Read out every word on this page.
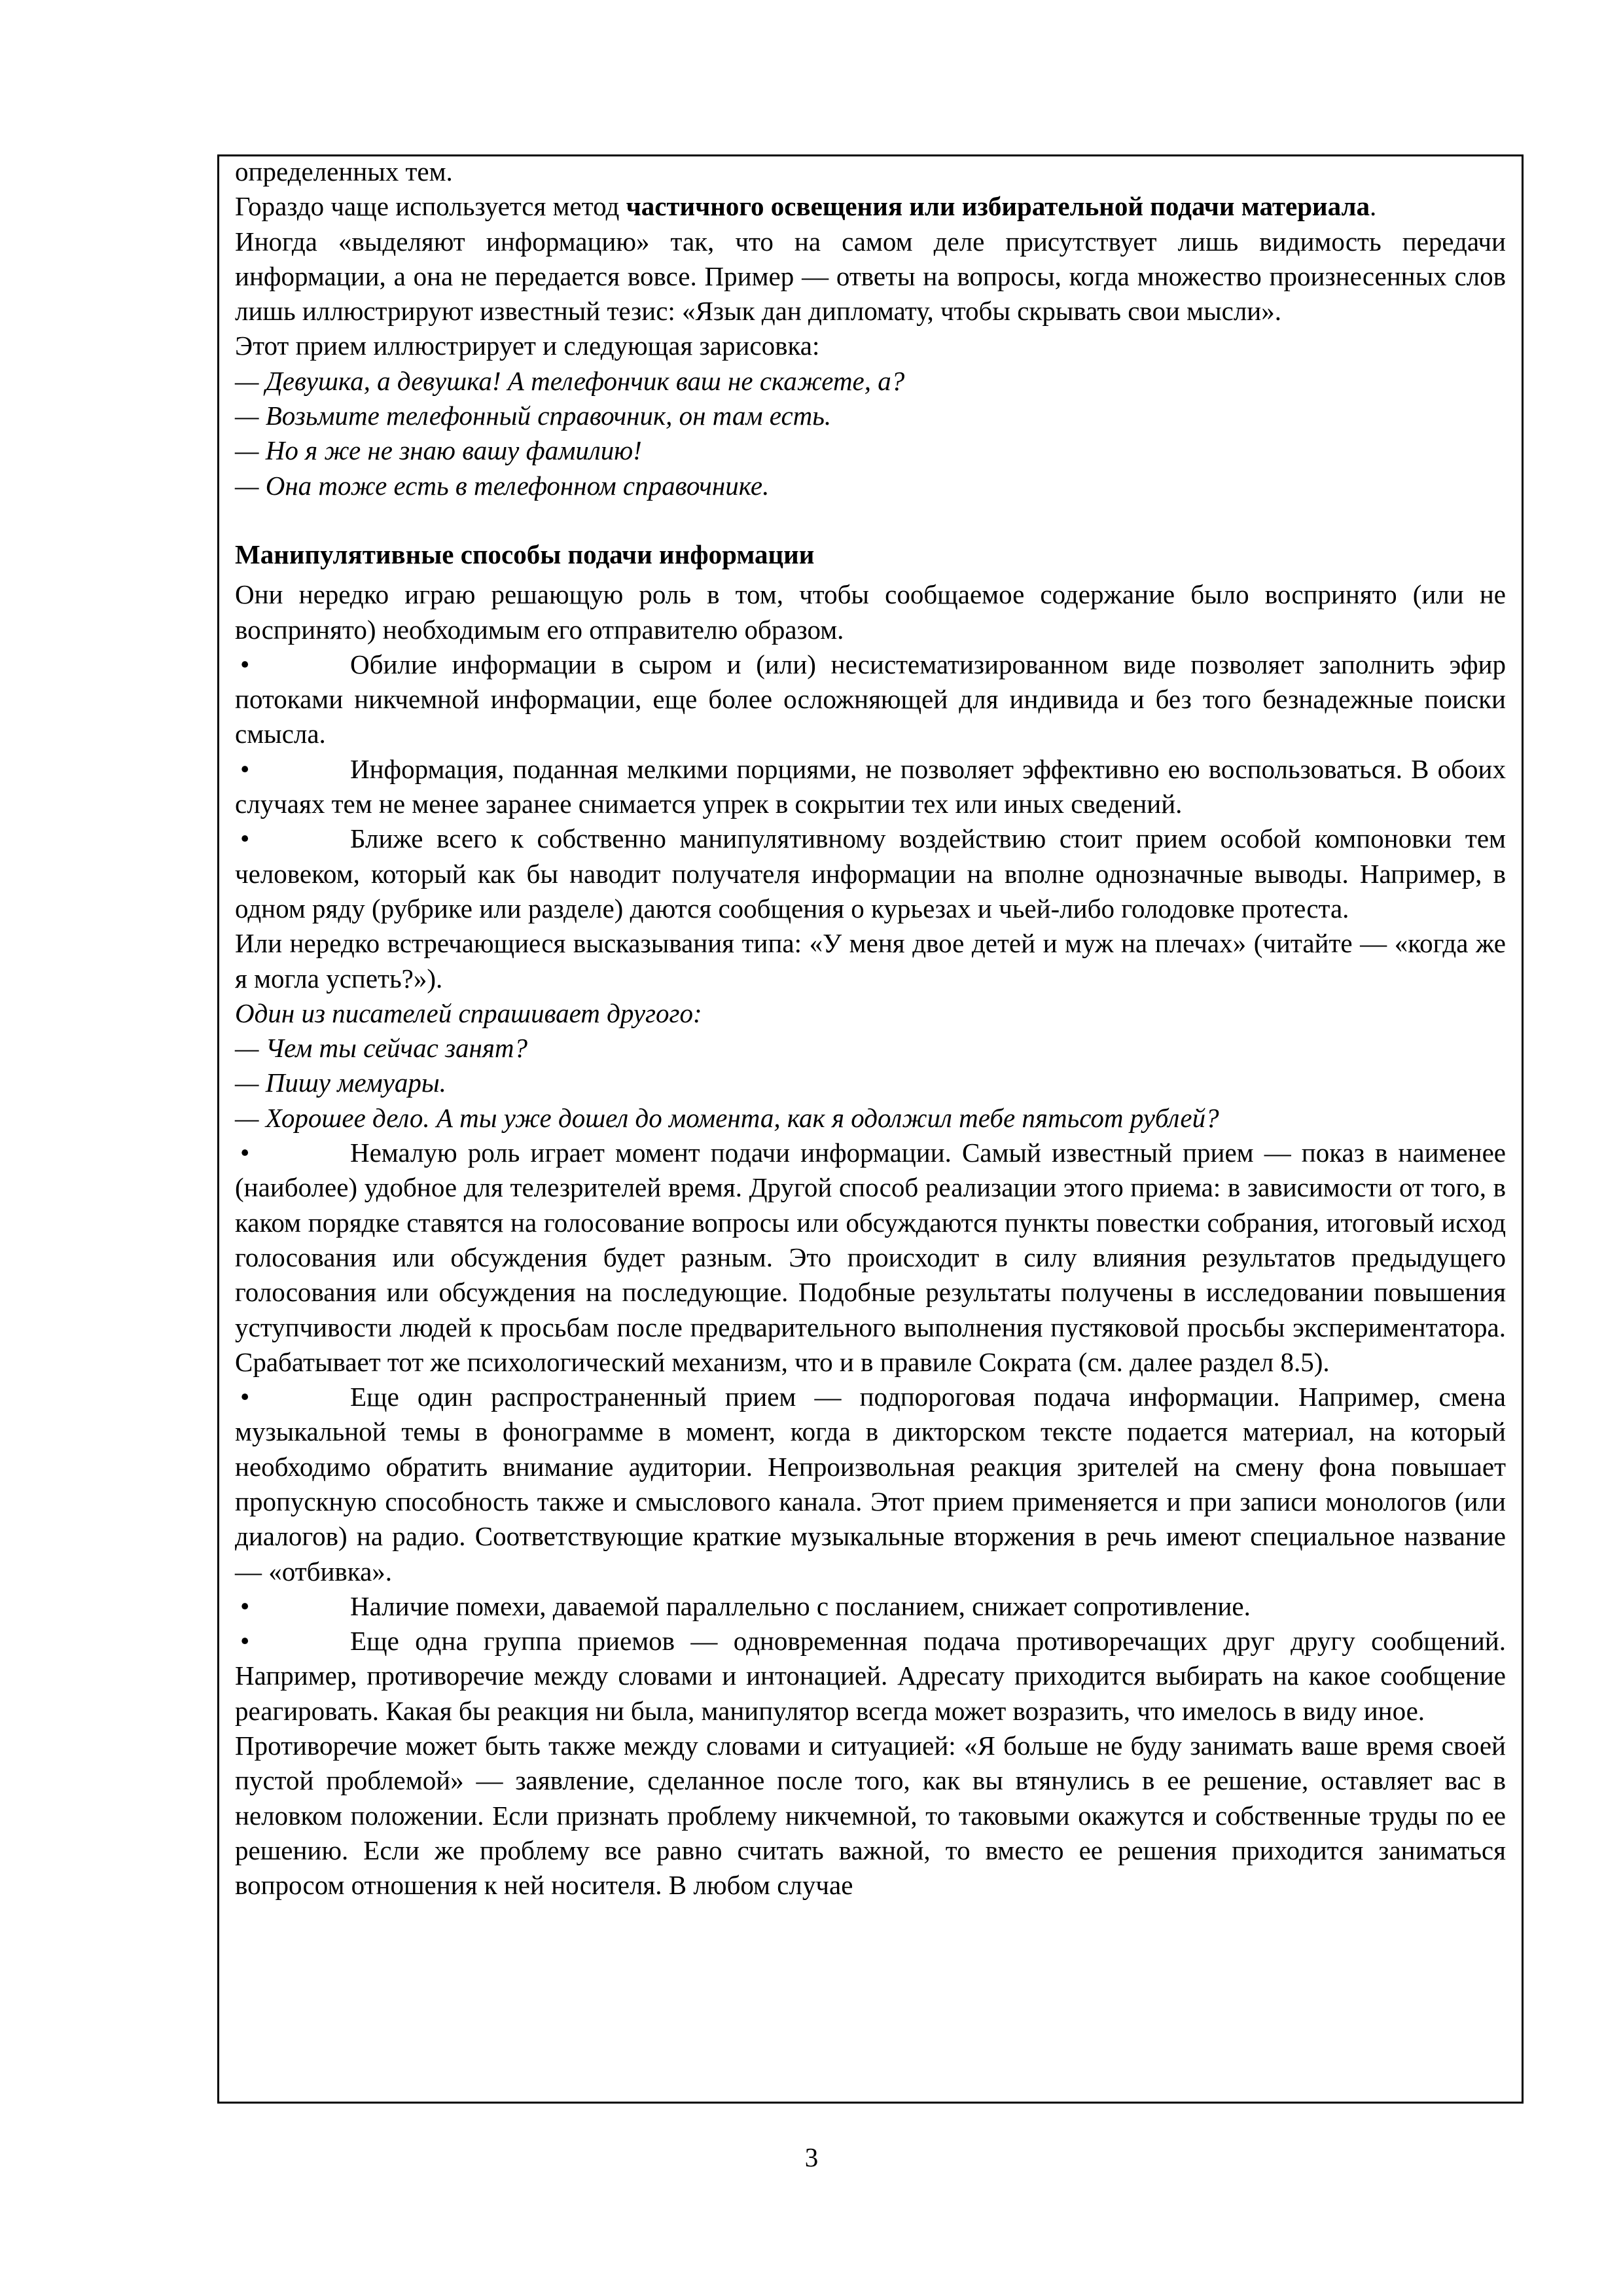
определенных тем.

Гораздо чаще используется метод частичного освещения или избирательной подачи материала.

Иногда «выделяют информацию» так, что на самом деле присутствует лишь видимость передачи информации, а она не передается вовсе. Пример — ответы на вопросы, когда множество произнесенных слов лишь иллюстрируют известный тезис: «Язык дан дипломату, чтобы скрывать свои мысли».

Этот прием иллюстрирует и следующая зарисовка:

— Девушка, а девушка! А телефончик ваш не скажете, а?

— Возьмите телефонный справочник, он там есть.

— Но я же не знаю вашу фамилию!

— Она тоже есть в телефонном справочнике.

Манипулятивные способы подачи информации

Они нередко играю решающую роль в том, чтобы сообщаемое содержание было воспринято (или не воспринято) необходимым его отправителю образом.

•Обилие информации в сыром и (или) несистематизированном виде позволяет заполнить эфир потоками никчемной информации, еще более осложняющей для индивида и без того безнадежные поиски смысла.

•Информация, поданная мелкими порциями, не позволяет эффективно ею воспользоваться. В обоих случаях тем не менее заранее снимается упрек в сокрытии тех или иных сведений.

•Ближе всего к собственно манипулятивному воздействию стоит прием особой компоновки тем человеком, который как бы наводит получателя информации на вполне однозначные выводы. Например, в одном ряду (рубрике или разделе) даются сообщения о курьезах и чьей-либо голодовке протеста.

Или нередко встречающиеся высказывания типа: «У меня двое детей и муж на плечах» (читайте — «когда же я могла успеть?»).

Один из писателей спрашивает другого:

— Чем ты сейчас занят?

— Пишу мемуары.

— Хорошее дело. А ты уже дошел до момента, как я одолжил тебе пятьсот рублей?

•Немалую роль играет момент подачи информации. Самый известный прием — показ в наименее (наиболее) удобное для телезрителей время. Другой способ реализации этого приема: в зависимости от того, в каком порядке ставятся на голосование вопросы или обсуждаются пункты повестки собрания, итоговый исход голосования или обсуждения будет разным. Это происходит в силу влияния результатов предыдущего голосования или обсуждения на последующие. Подобные результаты получены в исследовании повышения уступчивости людей к просьбам после предварительного выполнения пустяковой просьбы экспериментатора. Срабатывает тот же психологический механизм, что и в правиле Сократа (см. далее раздел 8.5).

•Еще один распространенный прием — подпороговая подача информации. Например, смена музыкальной темы в фонограмме в момент, когда в дикторском тексте подается материал, на который необходимо обратить внимание аудитории. Непроизвольная реакция зрителей на смену фона повышает пропускную способность также и смыслового канала. Этот прием применяется и при записи монологов (или диалогов) на радио. Соответствующие краткие музыкальные вторжения в речь имеют специальное название — «отбивка».

•Наличие помехи, даваемой параллельно с посланием, снижает сопротивление.

•Еще одна группа приемов — одновременная подача противоречащих друг другу сообщений. Например, противоречие между словами и интонацией. Адресату приходится выбирать на какое сообщение реагировать. Какая бы реакция ни была, манипулятор всегда может возразить, что имелось в виду иное.

Противоречие может быть также между словами и ситуацией: «Я больше не буду занимать ваше время своей пустой проблемой» — заявление, сделанное после того, как вы втянулись в ее решение, оставляет вас в неловком положении. Если признать проблему никчемной, то таковыми окажутся и собственные труды по ее решению. Если же проблему все равно считать важной, то вместо ее решения приходится заниматься вопросом отношения к ней носителя. В любом случае

3
